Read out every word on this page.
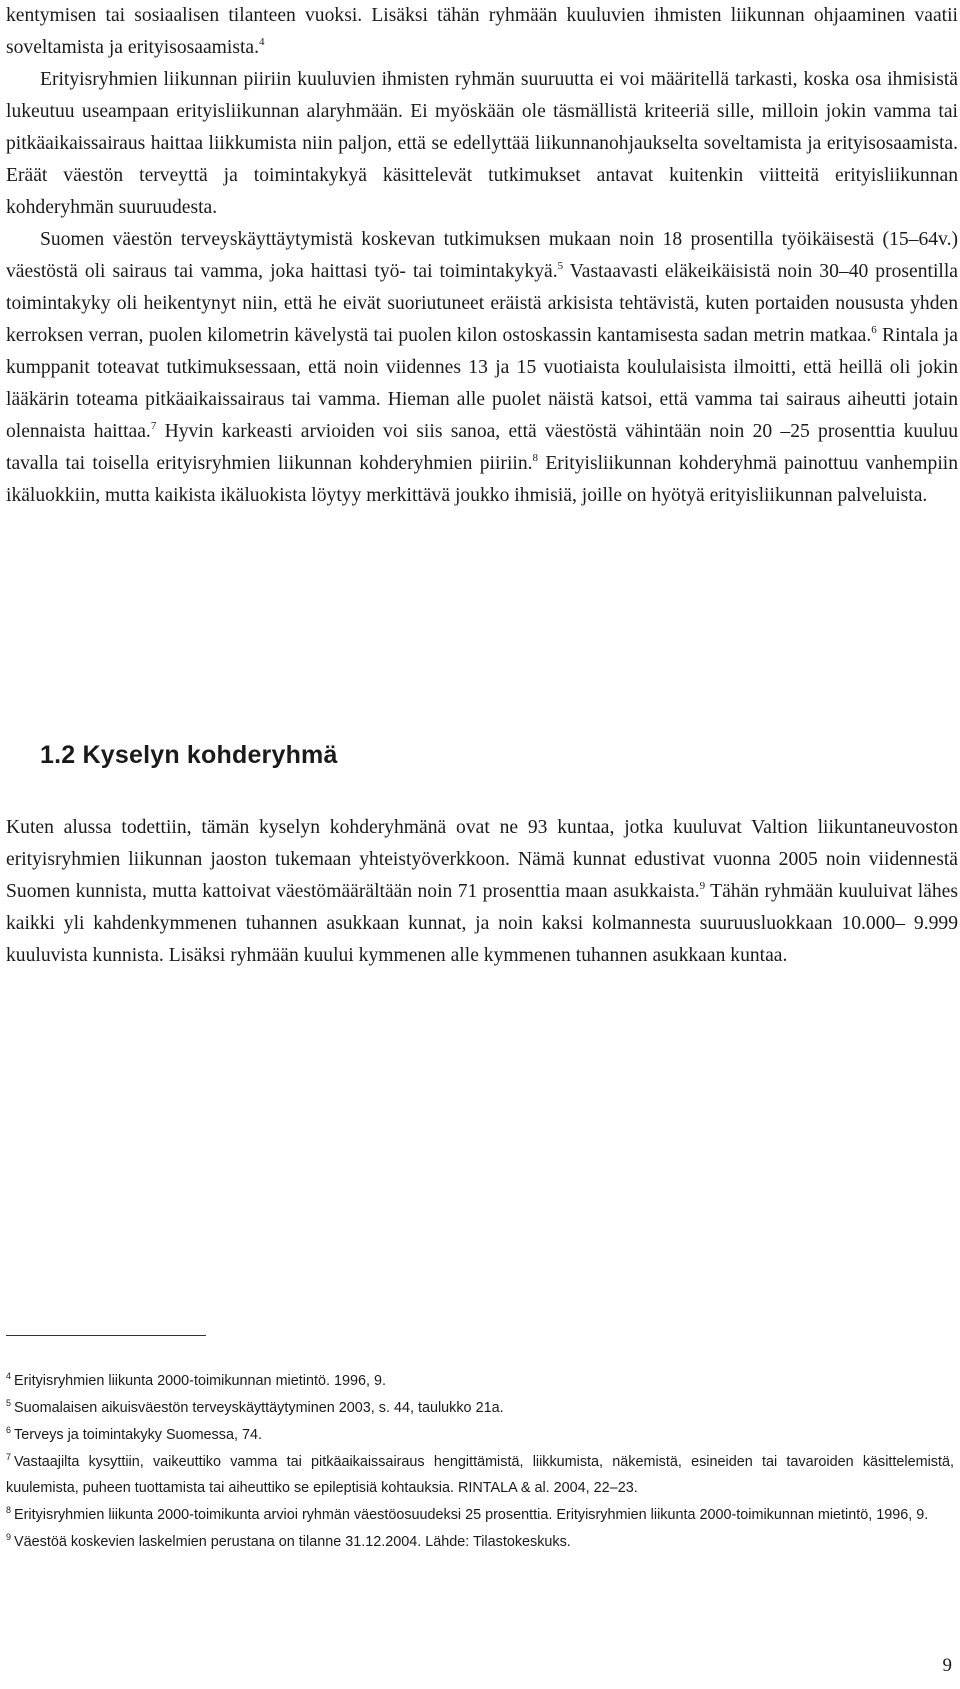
kentymisen tai sosiaalisen tilanteen vuoksi. Lisäksi tähän ryhmään kuuluvien ihmisten liikunnan ohjaaminen vaatii soveltamista ja erityisosaamista.$^4$

Erityisryhmien liikunnan piiriin kuuluvien ihmisten ryhmän suuruutta ei voi määritellä tarkasti, koska osa ihmisistä lukeutuu useampaan erityisliikunnan alaryhmään. Ei myöskään ole täsmällistä kriteeriä sille, milloin jokin vamma tai pitkäaikaissairaus haittaa liikkumista niin paljon, että se edellyttää liikunnanohjaukselta soveltamista ja erityisosaamista. Eräät väestön terveyttä ja toimintakykyä käsittelevät tutkimukset antavat kuitenkin viitteitä erityisliikunnan kohderyhmän suuruudesta.

Suomen väestön terveyskäyttäytymistä koskevan tutkimuksen mukaan noin 18 prosentilla työikäisestä (15–64v.) väestöstä oli sairaus tai vamma, joka haittasi työ- tai toimintakykyä.$^5$ Vastaavasti eläkeikäisistä noin 30–40 prosentilla toimintakyky oli heikentynyt niin, että he eivät suoriutuneet eräistä arkisista tehtävistä, kuten portaiden noususta yhden kerroksen verran, puolen kilometrin kävelystä tai puolen kilon ostoskassin kantamisesta sadan metrin matkaa.$^6$ Rintala ja kumppanit toteavat tutkimuksessaan, että noin viidennes 13 ja 15 vuotiaista koululaisista ilmoitti, että heillä oli jokin lääkärin toteama pitkäaikaissairaus tai vamma. Hieman alle puolet näistä katsoi, että vamma tai sairaus aiheutti jotain olennaista haittaa.$^7$ Hyvin karkeasti arvioiden voi siis sanoa, että väestöstä vähintään noin 20 –25 prosenttia kuuluu tavalla tai toisella erityisryhmien liikunnan kohderyhmien piiriin.$^8$ Erityisliikunnan kohderyhmä painottuu vanhempiin ikäluokkiin, mutta kaikista ikäluokista löytyy merkittävä joukko ihmisiä, joille on hyötyä erityisliikunnan palveluista.

1.2 Kyselyn kohderyhmä

Kuten alussa todettiin, tämän kyselyn kohderyhmänä ovat ne 93 kuntaa, jotka kuuluvat Valtion liikuntaneuvoston erityisryhmien liikunnan jaoston tukemaan yhteistyöverkkoon. Nämä kunnat edustivat vuonna 2005 noin viidennestä Suomen kunnista, mutta kattoivat väestömäärältään noin 71 prosenttia maan asukkaista.$^9$ Tähän ryhmään kuuluivat lähes kaikki yli kahdenkymmenen tuhannen asukkaan kunnat, ja noin kaksi kolmannesta suuruusluokkaan 10.000– 9.999 kuuluvista kunnista. Lisäksi ryhmään kuului kymmenen alle kymmenen tuhannen asukkaan kuntaa.

$^4$ Erityisryhmien liikunta 2000-toimikunnan mietintö. 1996, 9.

$^5$ Suomalaisen aikuisväestön terveyskäyttäytyminen 2003, s. 44, taulukko 21a.

$^6$ Terveys ja toimintakyky Suomessa, 74.

$^7$ Vastaajilta kysyttiin, vaikeuttiko vamma tai pitkäaikaissairaus hengittämistä, liikkumista, näkemistä, esineiden tai tavaroiden käsittelemistä, kuulemista, puheen tuottamista tai aiheuttiko se epileptisiä kohtauksia. RINTALA & al. 2004, 22–23.

$^8$ Erityisryhmien liikunta 2000-toimikunta arvioi ryhmän väestöosuudeksi 25 prosenttia. Erityisryhmien liikunta 2000-toimikunnan mietintö, 1996, 9.

$^9$ Väestöä koskevien laskelmien perustana on tilanne 31.12.2004. Lähde: Tilastokeskuks.

9
